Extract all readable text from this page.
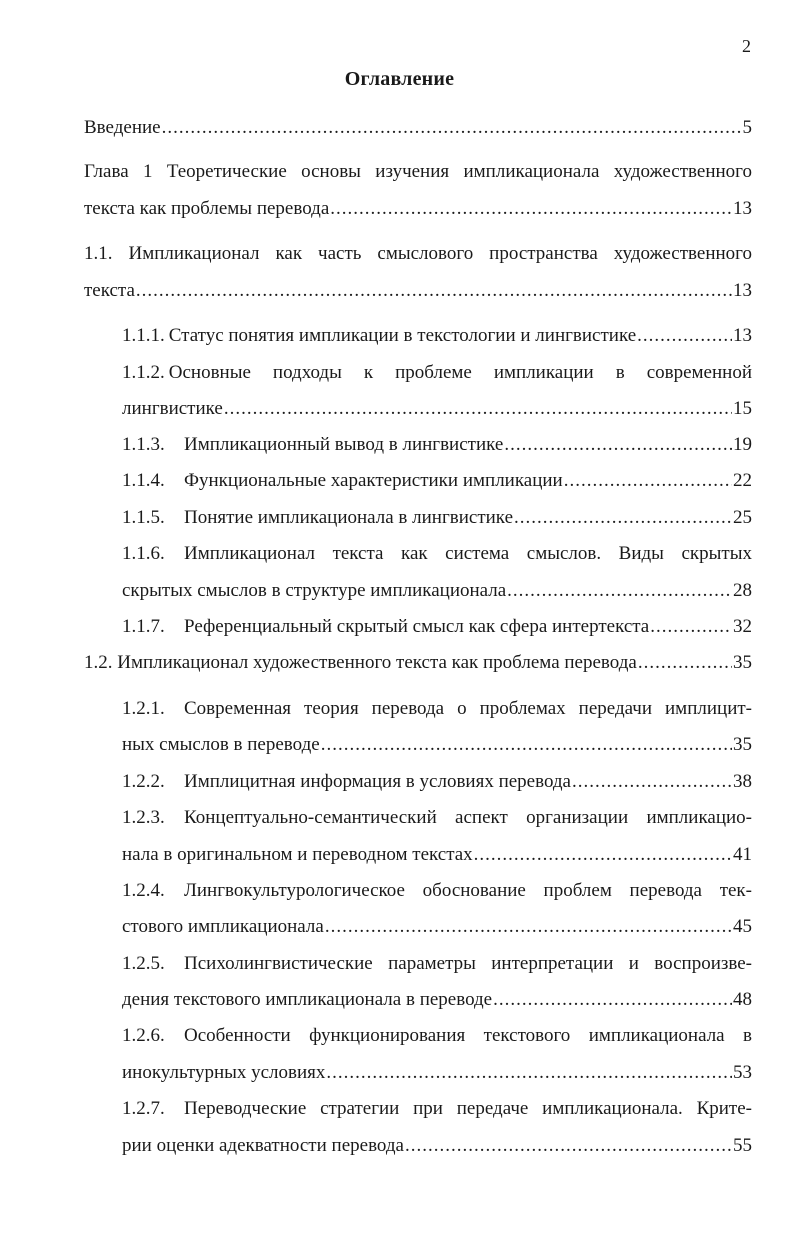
2
Оглавление
Введение .....	5
Глава 1 Теоретические основы изучения импликационала художественного
текста как проблемы перевода .....	13
1.1. Импликационал как часть смыслового пространства художественного
текста .....	13
1.1.1. Статус понятия импликации в текстологии и лингвистике .....	13
1.1.2. Основные подходы к проблеме импликации в современной
лингвистике .....	15
1.1.3. Импликационный вывод в лингвистике .....	19
1.1.4. Функциональные характеристики импликации .....	22
1.1.5. Понятие импликационала в лингвистике .....	25
1.1.6. Импликационал текста как система смыслов. Виды скрытых
скрытых смыслов в структуре импликационала .....	28
1.1.7. Референциальный скрытый смысл как сфера интертекста .....	32
1.2. Импликационал художественного текста как проблема перевода .....	35
1.2.1. Современная теория перевода о проблемах передачи имплицит-
ных смыслов в переводе .....	35
1.2.2. Имплицитная информация в условиях перевода .....	38
1.2.3. Концептуально-семантический аспект организации импликацио-
нала в оригинальном и переводном текстах .....	41
1.2.4. Лингвокультурологическое обоснование проблем перевода тек-
стового импликационала .....	45
1.2.5. Психолингвистические параметры интерпретации и воспроизве-
дения текстового импликационала в переводе .....	48
1.2.6. Особенности функционирования текстового импликационала в
инокультурных условиях .....	53
1.2.7. Переводческие стратегии при передаче импликационала. Крите-
рии оценки адекватности перевода .....	55
